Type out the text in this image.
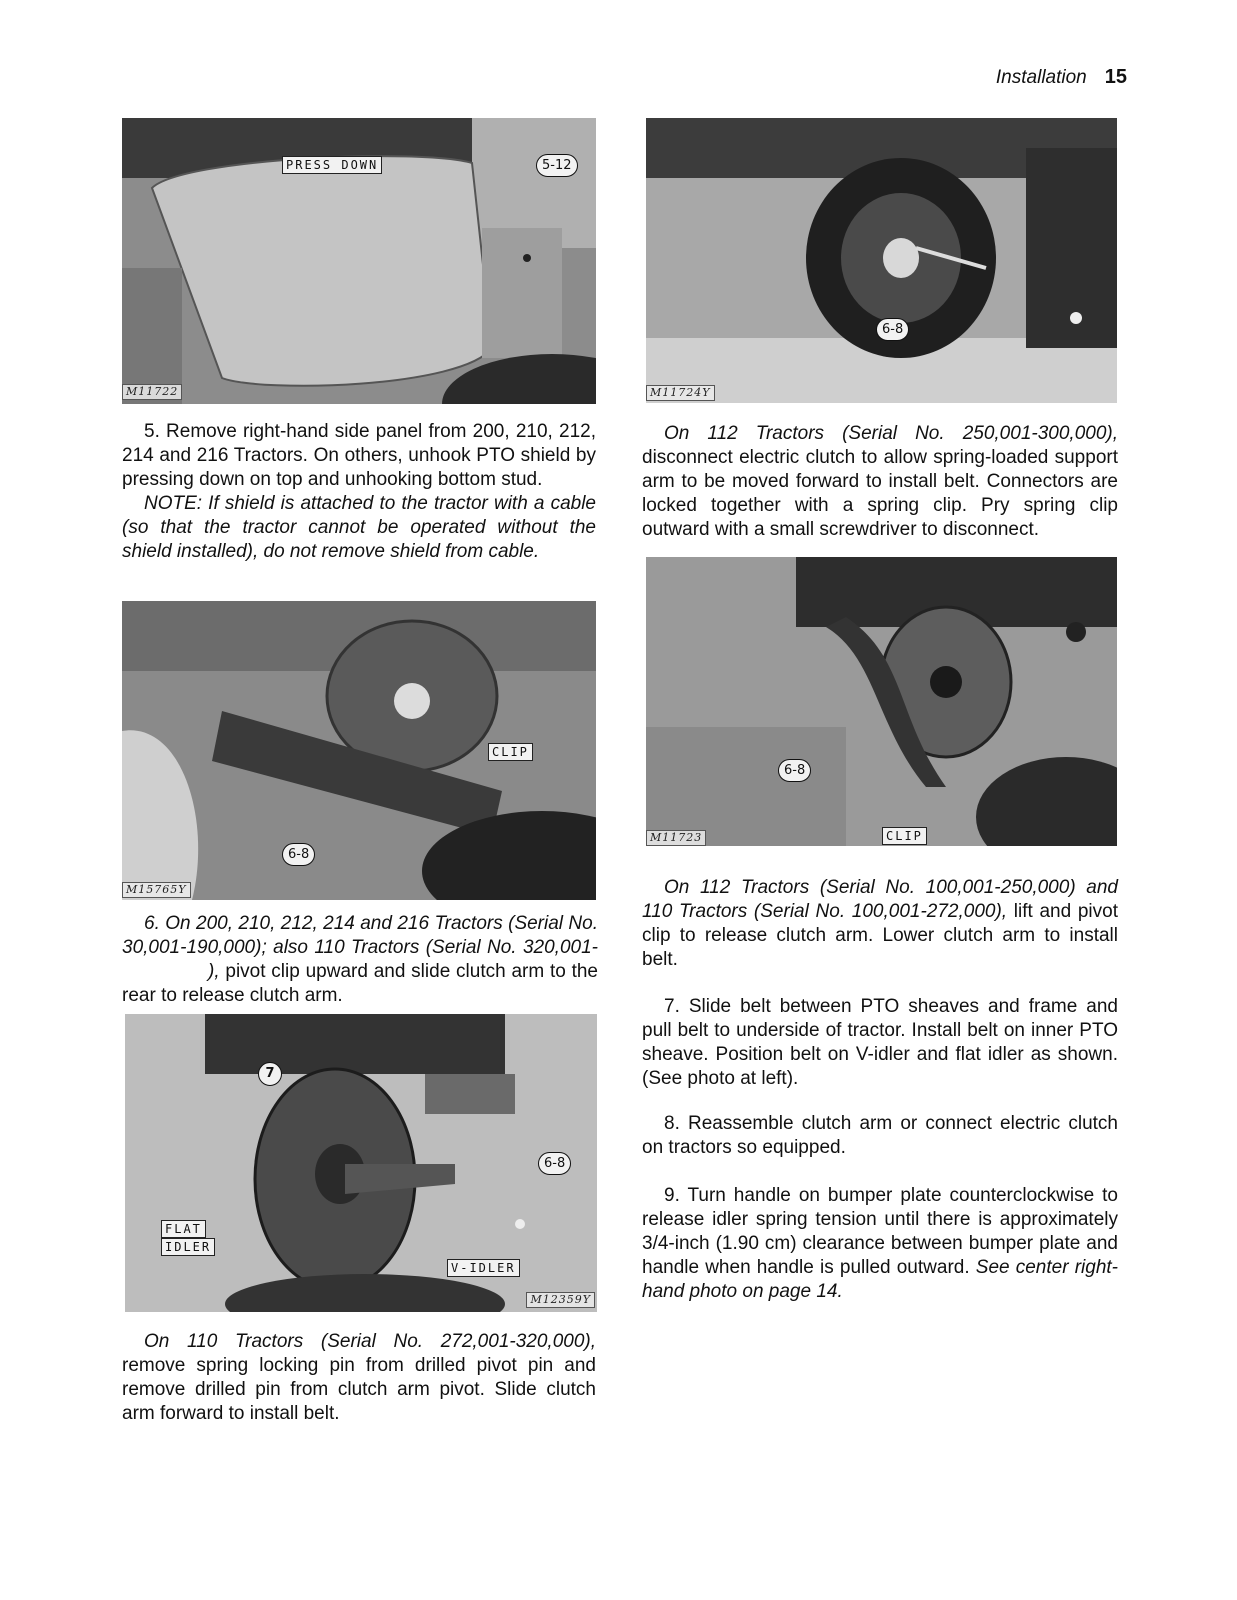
Installation 15
PRESS DOWN	5-12
M11722
6-8
M11724Y
CLIP
6-8
M15765Y
6-8
CLIP
M11723
7
6-8
FLAT
IDLER
V-IDLER
M12359Y

5. Remove right-hand side panel from 200, 210, 212, 214 and 216 Tractors. On others, unhook PTO shield by pressing down on top and unhooking bottom stud.

NOTE: If shield is attached to the tractor with a cable (so that the tractor cannot be operated without the shield installed), do not remove shield from cable.

6. On 200, 210, 212, 214 and 216 Tractors (Serial No. 30,001-190,000); also 110 Tractors (Serial No. 320,001-), pivot clip upward and slide clutch arm to the rear to release clutch arm.

On 110 Tractors (Serial No. 272,001-320,000), remove spring locking pin from drilled pivot pin and remove drilled pin from clutch arm pivot. Slide clutch arm forward to install belt.

On 112 Tractors (Serial No. 250,001-300,000), disconnect electric clutch to allow spring-loaded support arm to be moved forward to install belt. Connectors are locked together with a spring clip. Pry spring clip outward with a small screwdriver to disconnect.

On 112 Tractors (Serial No. 100,001-250,000) and 110 Tractors (Serial No. 100,001-272,000), lift and pivot clip to release clutch arm. Lower clutch arm to install belt.

7. Slide belt between PTO sheaves and frame and pull belt to underside of tractor. Install belt on inner PTO sheave. Position belt on V-idler and flat idler as shown. (See photo at left).

8. Reassemble clutch arm or connect electric clutch on tractors so equipped.

9. Turn handle on bumper plate counterclockwise to release idler spring tension until there is approximately 3/4-inch (1.90 cm) clearance between bumper plate and handle when handle is pulled outward. See center right-hand photo on page 14.
